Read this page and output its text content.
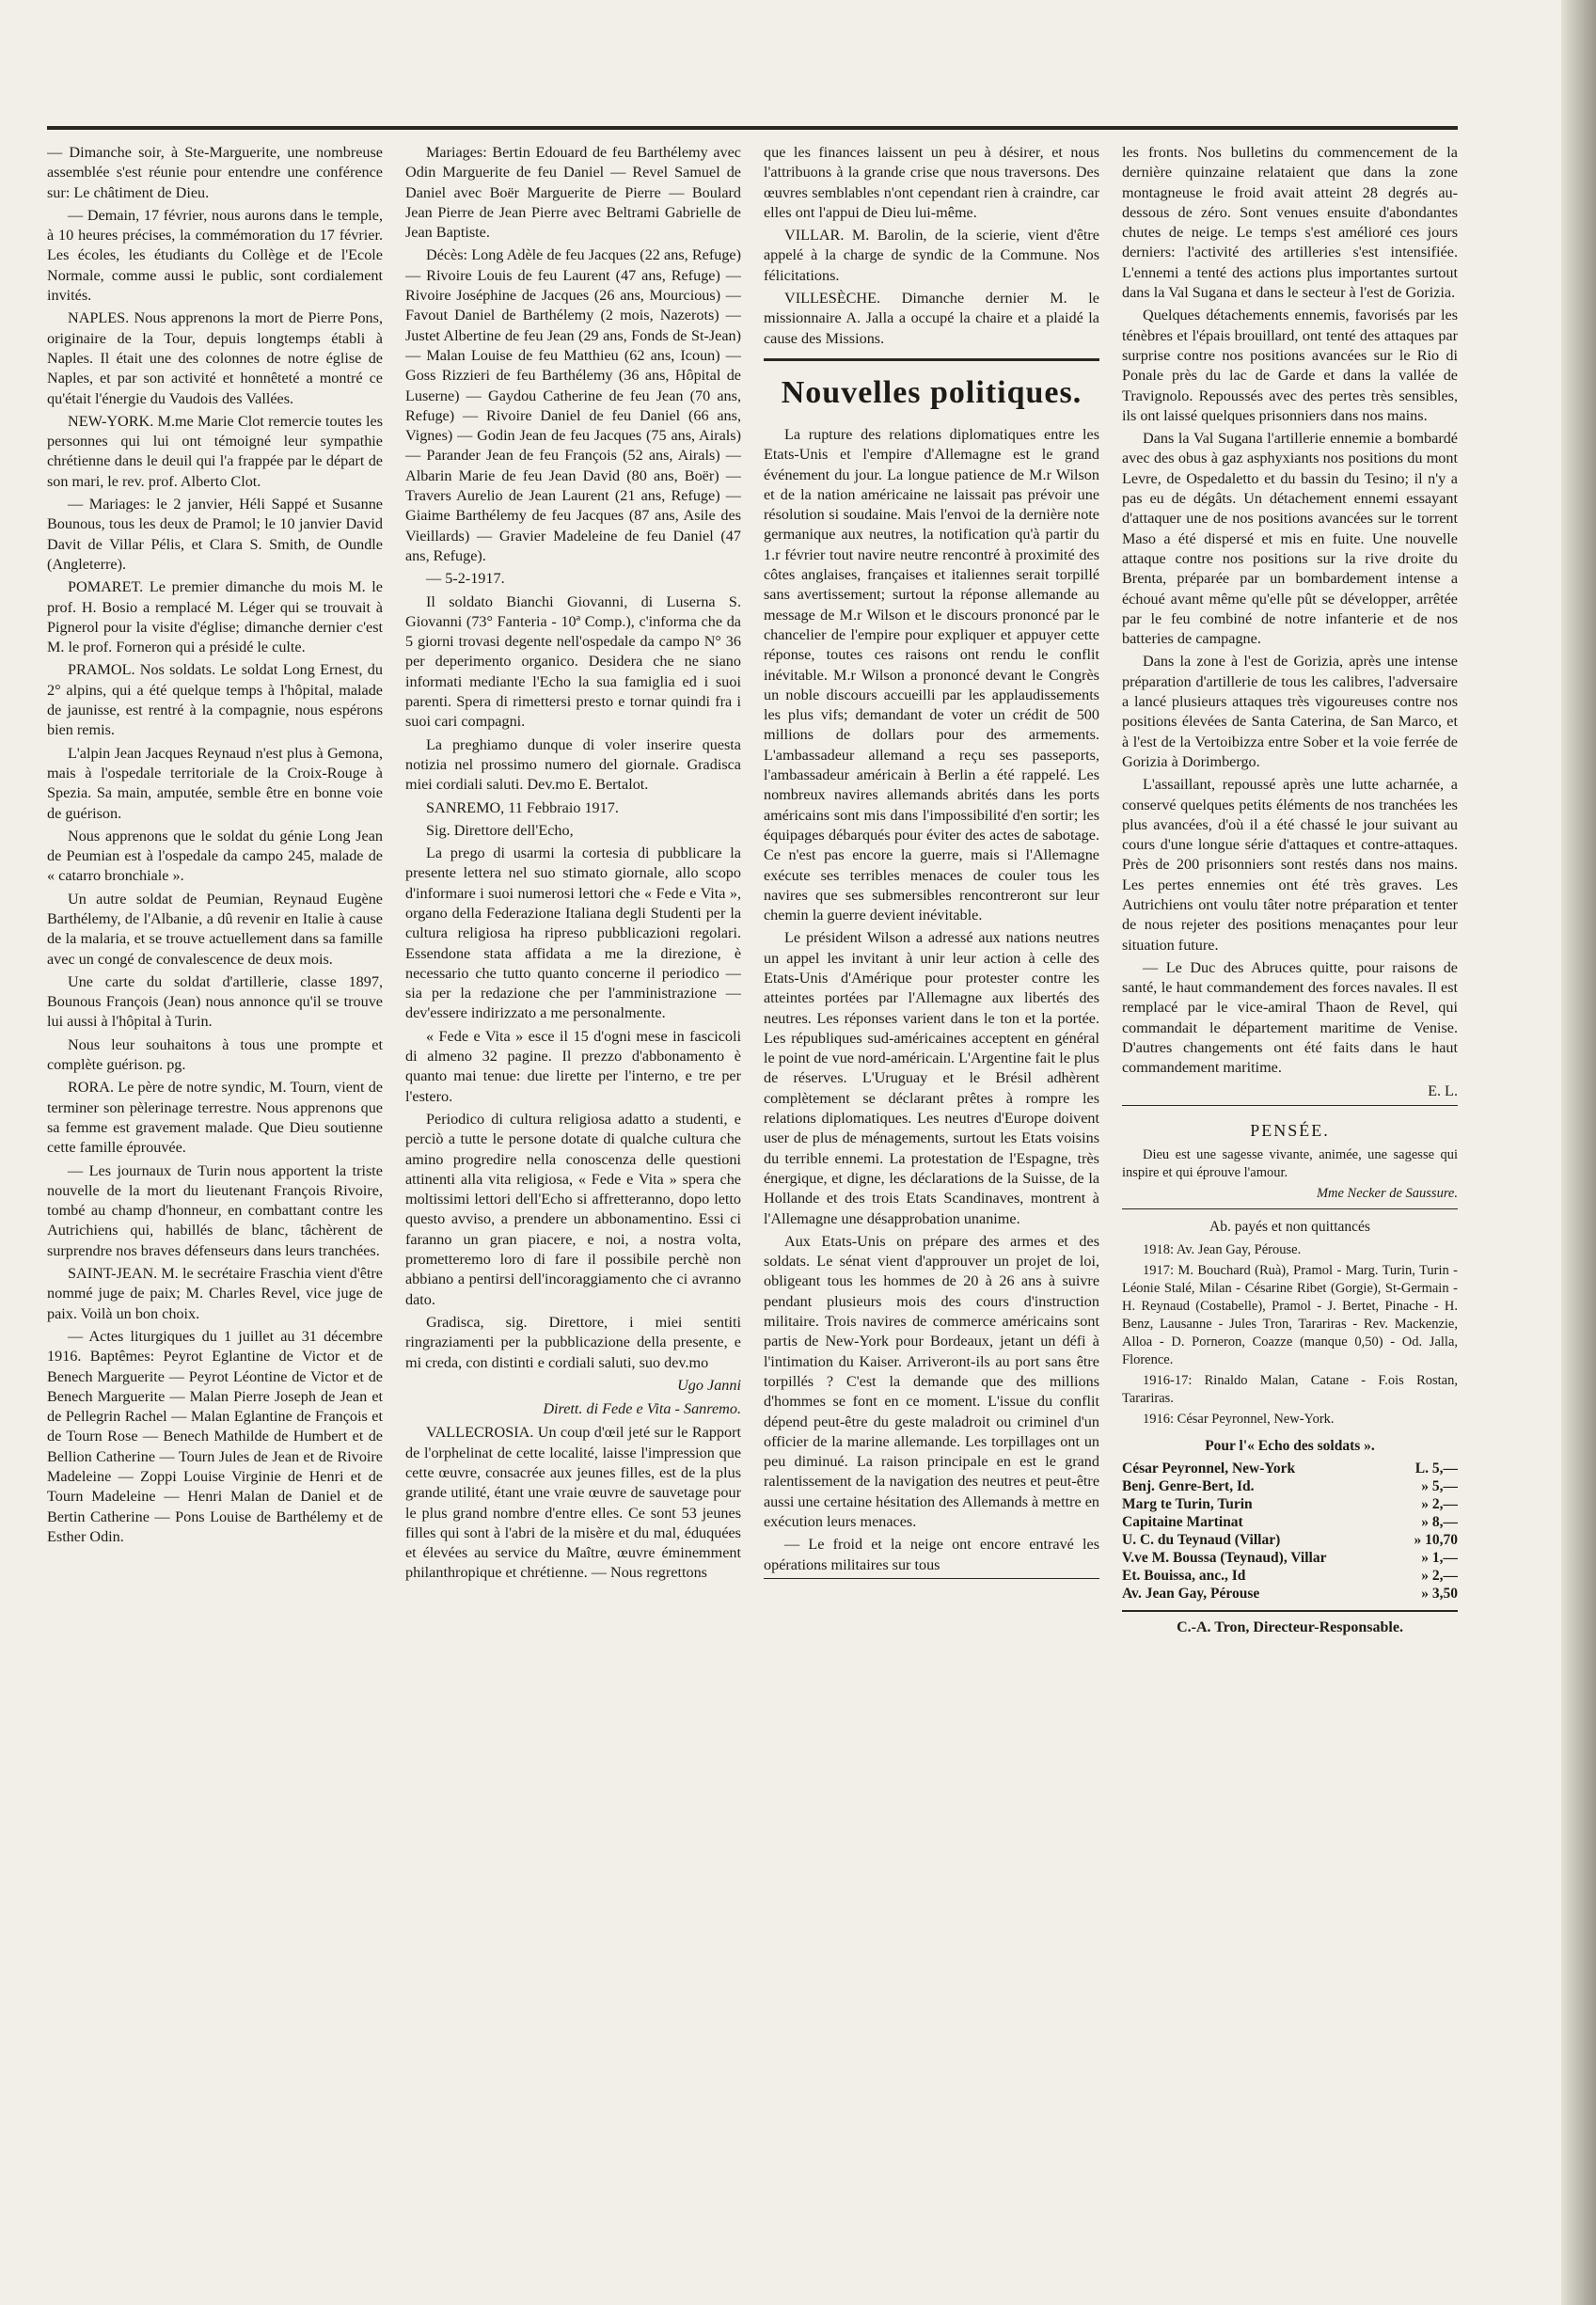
— Dimanche soir, à Ste-Marguerite, une nombreuse assemblée s'est réunie pour entendre une conférence sur: Le châtiment de Dieu.

— Demain, 17 février, nous aurons dans le temple, à 10 heures précises, la commémoration du 17 février. Les écoles, les étudiants du Collège et de l'Ecole Normale, comme aussi le public, sont cordialement invités.

NAPLES. Nous apprenons la mort de Pierre Pons, originaire de la Tour, depuis longtemps établi à Naples. Il était une des colonnes de notre église de Naples, et par son activité et honnêteté a montré ce qu'était l'énergie du Vaudois des Vallées.

NEW-YORK. M.me Marie Clot remercie toutes les personnes qui lui ont témoigné leur sympathie chrétienne dans le deuil qui l'a frappée par le départ de son mari, le rev. prof. Alberto Clot.

— Mariages: le 2 janvier, Héli Sappé et Susanne Bounous, tous les deux de Pramol; le 10 janvier David Davit de Villar Pélis, et Clara S. Smith, de Oundle (Angleterre).

POMARET. Le premier dimanche du mois M. le prof. H. Bosio a remplacé M. Léger qui se trouvait à Pignerol pour la visite d'église; dimanche dernier c'est M. le prof. Forneron qui a présidé le culte.

PRAMOL. Nos soldats. Le soldat Long Ernest, du 2° alpins, qui a été quelque temps à l'hôpital, malade de jaunisse, est rentré à la compagnie, nous espérons bien remis.

L'alpin Jean Jacques Reynaud n'est plus à Gemona, mais à l'ospedale territoriale de la Croix-Rouge à Spezia. Sa main, amputée, semble être en bonne voie de guérison.

Nous apprenons que le soldat du génie Long Jean de Peumian est à l'ospedale da campo 245, malade de « catarro bronchiale ».

Un autre soldat de Peumian, Reynaud Eugène Barthélemy, de l'Albanie, a dû revenir en Italie à cause de la malaria, et se trouve actuellement dans sa famille avec un congé de convalescence de deux mois.

Une carte du soldat d'artillerie, classe 1897, Bounous François (Jean) nous annonce qu'il se trouve lui aussi à l'hôpital à Turin.

Nous leur souhaitons à tous une prompte et complète guérison. pg.

RORA. Le père de notre syndic, M. Tourn, vient de terminer son pèlerinage terrestre. Nous apprenons que sa femme est gravement malade. Que Dieu soutienne cette famille éprouvée.

— Les journaux de Turin nous apportent la triste nouvelle de la mort du lieutenant François Rivoire, tombé au champ d'honneur, en combattant contre les Autrichiens qui, habillés de blanc, tâchèrent de surprendre nos braves défenseurs dans leurs tranchées.

SAINT-JEAN. M. le secrétaire Fraschia vient d'être nommé juge de paix; M. Charles Revel, vice juge de paix. Voilà un bon choix.

— Actes liturgiques du 1 juillet au 31 décembre 1916. Baptêmes: Peyrot Eglantine de Victor et de Benech Marguerite — Peyrot Léontine de Victor et de Benech Marguerite — Malan Pierre Joseph de Jean et de Pellegrin Rachel — Malan Eglantine de François et de Tourn Rose — Benech Mathilde de Humbert et de Bellion Catherine — Tourn Jules de Jean et de Rivoire Madeleine — Zoppi Louise Virginie de Henri et de Tourn Madeleine — Henri Malan de Daniel et de Bertin Catherine — Pons Louise de Barthélemy et de Esther Odin.

Mariages: Bertin Edouard de feu Barthélemy avec Odin Marguerite de feu Daniel — Revel Samuel de Daniel avec Boër Marguerite de Pierre — Boulard Jean Pierre de Jean Pierre avec Beltrami Gabrielle de Jean Baptiste.

Décès: Long Adèle de feu Jacques (22 ans, Refuge) — Rivoire Louis de feu Laurent (47 ans, Refuge) — Rivoire Joséphine de Jacques (26 ans, Mourcious) — Favout Daniel de Barthélemy (2 mois, Nazerots) — Justet Albertine de feu Jean (29 ans, Fonds de St-Jean) — Malan Louise de feu Matthieu (62 ans, Icoun) — Goss Rizzieri de feu Barthélemy (36 ans, Hôpital de Luserne) — Gaydou Catherine de feu Jean (70 ans, Refuge) — Rivoire Daniel de feu Daniel (66 ans, Vignes) — Godin Jean de feu Jacques (75 ans, Airals) — Parander Jean de feu François (52 ans, Airals) — Albarin Marie de feu Jean David (80 ans, Boër) — Travers Aurelio de Jean Laurent (21 ans, Refuge) — Giaime Barthélemy de feu Jacques (87 ans, Asile des Vieillards) — Gravier Madeleine de feu Daniel (47 ans, Refuge).

— 5-2-1917.

Il soldato Bianchi Giovanni, di Luserna S. Giovanni (73° Fanteria - 10ª Comp.), c'informa che da 5 giorni trovasi degente nell'ospedale da campo N° 36 per deperimento organico. Desidera che ne siano informati mediante l'Echo la sua famiglia ed i suoi parenti. Spera di rimettersi presto e tornar quindi fra i suoi cari compagni.

La preghiamo dunque di voler inserire questa notizia nel prossimo numero del giornale. Gradisca miei cordiali saluti. Dev.mo E. Bertalot.

SANREMO, 11 Febbraio 1917.

Sig. Direttore dell'Echo,

La prego di usarmi la cortesia di pubblicare la presente lettera nel suo stimato giornale, allo scopo d'informare i suoi numerosi lettori che « Fede e Vita », organo della Federazione Italiana degli Studenti per la cultura religiosa ha ripreso pubblicazioni regolari. Essendone stata affidata a me la direzione, è necessario che tutto quanto concerne il periodico — sia per la redazione che per l'amministrazione — dev'essere indirizzato a me personalmente.

« Fede e Vita » esce il 15 d'ogni mese in fascicoli di almeno 32 pagine. Il prezzo d'abbonamento è quanto mai tenue: due lirette per l'interno, e tre per l'estero.

Periodico di cultura religiosa adatto a studenti, e perciò a tutte le persone dotate di qualche cultura che amino progredire nella conoscenza delle questioni attinenti alla vita religiosa, « Fede e Vita » spera che moltissimi lettori dell'Echo si affretteranno, dopo letto questo avviso, a prendere un abbonamentino. Essi ci faranno un gran piacere, e noi, a nostra volta, prometteremo loro di fare il possibile perchè non abbiano a pentirsi dell'incoraggiamento che ci avranno dato.

Gradisca, sig. Direttore, i miei sentiti ringraziamenti per la pubblicazione della presente, e mi creda, con distinti e cordiali saluti, suo dev.mo

Ugo Janni

Dirett. di Fede e Vita - Sanremo.

VALLECROSIA. Un coup d'œil jeté sur le Rapport de l'orphelinat de cette localité, laisse l'impression que cette œuvre, consacrée aux jeunes filles, est de la plus grande utilité, étant une vraie œuvre de sauvetage pour le plus grand nombre d'entre elles. Ce sont 53 jeunes filles qui sont à l'abri de la misère et du mal, éduquées et élevées au service du Maître, œuvre éminemment philanthropique et chrétienne. — Nous regrettons

que les finances laissent un peu à désirer, et nous l'attribuons à la grande crise que nous traversons. Des œuvres semblables n'ont cependant rien à craindre, car elles ont l'appui de Dieu lui-même.

VILLAR. M. Barolin, de la scierie, vient d'être appelé à la charge de syndic de la Commune. Nos félicitations.

VILLESÈCHE. Dimanche dernier M. le missionnaire A. Jalla a occupé la chaire et a plaidé la cause des Missions.

Nouvelles politiques.

La rupture des relations diplomatiques entre les Etats-Unis et l'empire d'Allemagne est le grand événement du jour. La longue patience de M.r Wilson et de la nation américaine ne laissait pas prévoir une résolution si soudaine. Mais l'envoi de la dernière note germanique aux neutres, la notification qu'à partir du 1.r février tout navire neutre rencontré à proximité des côtes anglaises, françaises et italiennes serait torpillé sans avertissement; surtout la réponse allemande au message de M.r Wilson et le discours prononcé par le chancelier de l'empire pour expliquer et appuyer cette réponse, toutes ces raisons ont rendu le conflit inévitable. M.r Wilson a prononcé devant le Congrès un noble discours accueilli par les applaudissements les plus vifs; demandant de voter un crédit de 500 millions de dollars pour des armements. L'ambassadeur allemand a reçu ses passeports, l'ambassadeur américain à Berlin a été rappelé. Les nombreux navires allemands abrités dans les ports américains sont mis dans l'impossibilité d'en sortir; les équipages débarqués pour éviter des actes de sabotage. Ce n'est pas encore la guerre, mais si l'Allemagne exécute ses terribles menaces de couler tous les navires que ses submersibles rencontreront sur leur chemin la guerre devient inévitable.

Le président Wilson a adressé aux nations neutres un appel les invitant à unir leur action à celle des Etats-Unis d'Amérique pour protester contre les atteintes portées par l'Allemagne aux libertés des neutres. Les réponses varient dans le ton et la portée. Les républiques sud-américaines acceptent en général le point de vue nord-américain. L'Argentine fait le plus de réserves. L'Uruguay et le Brésil adhèrent complètement se déclarant prêtes à rompre les relations diplomatiques. Les neutres d'Europe doivent user de plus de ménagements, surtout les Etats voisins du terrible ennemi. La protestation de l'Espagne, très énergique, et digne, les déclarations de la Suisse, de la Hollande et des trois Etats Scandinaves, montrent à l'Allemagne une désapprobation unanime.

Aux Etats-Unis on prépare des armes et des soldats. Le sénat vient d'approuver un projet de loi, obligeant tous les hommes de 20 à 26 ans à suivre pendant plusieurs mois des cours d'instruction militaire. Trois navires de commerce américains sont partis de New-York pour Bordeaux, jetant un défi à l'intimation du Kaiser. Arriveront-ils au port sans être torpillés ? C'est la demande que des millions d'hommes se font en ce moment. L'issue du conflit dépend peut-être du geste maladroit ou criminel d'un officier de la marine allemande. Les torpillages ont un peu diminué. La raison principale en est le grand ralentissement de la navigation des neutres et peut-être aussi une certaine hésitation des Allemands à mettre en exécution leurs menaces.

— Le froid et la neige ont encore entravé les opérations militaires sur tous

les fronts. Nos bulletins du commencement de la dernière quinzaine relataient que dans la zone montagneuse le froid avait atteint 28 degrés au-dessous de zéro. Sont venues ensuite d'abondantes chutes de neige. Le temps s'est amélioré ces jours derniers: l'activité des artilleries s'est intensifiée. L'ennemi a tenté des actions plus importantes surtout dans la Val Sugana et dans le secteur à l'est de Gorizia.

Quelques détachements ennemis, favorisés par les ténèbres et l'épais brouillard, ont tenté des attaques par surprise contre nos positions avancées sur le Rio di Ponale près du lac de Garde et dans la vallée de Travignolo. Repoussés avec des pertes très sensibles, ils ont laissé quelques prisonniers dans nos mains.

Dans la Val Sugana l'artillerie ennemie a bombardé avec des obus à gaz asphyxiants nos positions du mont Levre, de Ospedaletto et du bassin du Tesino; il n'y a pas eu de dégâts. Un détachement ennemi essayant d'attaquer une de nos positions avancées sur le torrent Maso a été dispersé et mis en fuite. Une nouvelle attaque contre nos positions sur la rive droite du Brenta, préparée par un bombardement intense a échoué avant même qu'elle pût se développer, arrêtée par le feu combiné de notre infanterie et de nos batteries de campagne.

Dans la zone à l'est de Gorizia, après une intense préparation d'artillerie de tous les calibres, l'adversaire a lancé plusieurs attaques très vigoureuses contre nos positions élevées de Santa Caterina, de San Marco, et à l'est de la Vertoibizza entre Sober et la voie ferrée de Gorizia à Dorimbergo.

L'assaillant, repoussé après une lutte acharnée, a conservé quelques petits éléments de nos tranchées les plus avancées, d'où il a été chassé le jour suivant au cours d'une longue série d'attaques et contre-attaques. Près de 200 prisonniers sont restés dans nos mains. Les pertes ennemies ont été très graves. Les Autrichiens ont voulu tâter notre préparation et tenter de nous rejeter des positions menaçantes pour leur situation future.

— Le Duc des Abruces quitte, pour raisons de santé, le haut commandement des forces navales. Il est remplacé par le vice-amiral Thaon de Revel, qui commandait le département maritime de Venise. D'autres changements ont été faits dans le haut commandement maritime.

E. L.

PENSÉE.

Dieu est une sagesse vivante, animée, une sagesse qui inspire et qui éprouve l'amour.

Mme Necker de Saussure.

Ab. payés et non quittancés

1918: Av. Jean Gay, Pérouse.

1917: M. Bouchard (Ruà), Pramol - Marg. Turin, Turin - Léonie Stalé, Milan - Césarine Ribet (Gorgie), St-Germain - H. Reynaud (Costabelle), Pramol - J. Bertet, Pinache - H. Benz, Lausanne - Jules Tron, Tarariras - Rev. Mackenzie, Alloa - D. Porneron, Coazze (manque 0,50) - Od. Jalla, Florence.

1916-17: Rinaldo Malan, Catane - F.ois Rostan, Tarariras.

1916: César Peyronnel, New-York.

Pour l'« Echo des soldats ».

César Peyronnel, New-York	L. 5,—
Benj. Genre-Bert, Id.	» 5,—
Marg te Turin, Turin	» 2,—
Capitaine Martinat	» 8,—
U. C. du Teynaud (Villar)	» 10,70
V.ve M. Boussa (Teynaud), Villar	» 1,—
Et. Bouissa, anc., Id	» 2,—
Av. Jean Gay, Pérouse	» 3,50

C.-A. Tron, Directeur-Responsable.
